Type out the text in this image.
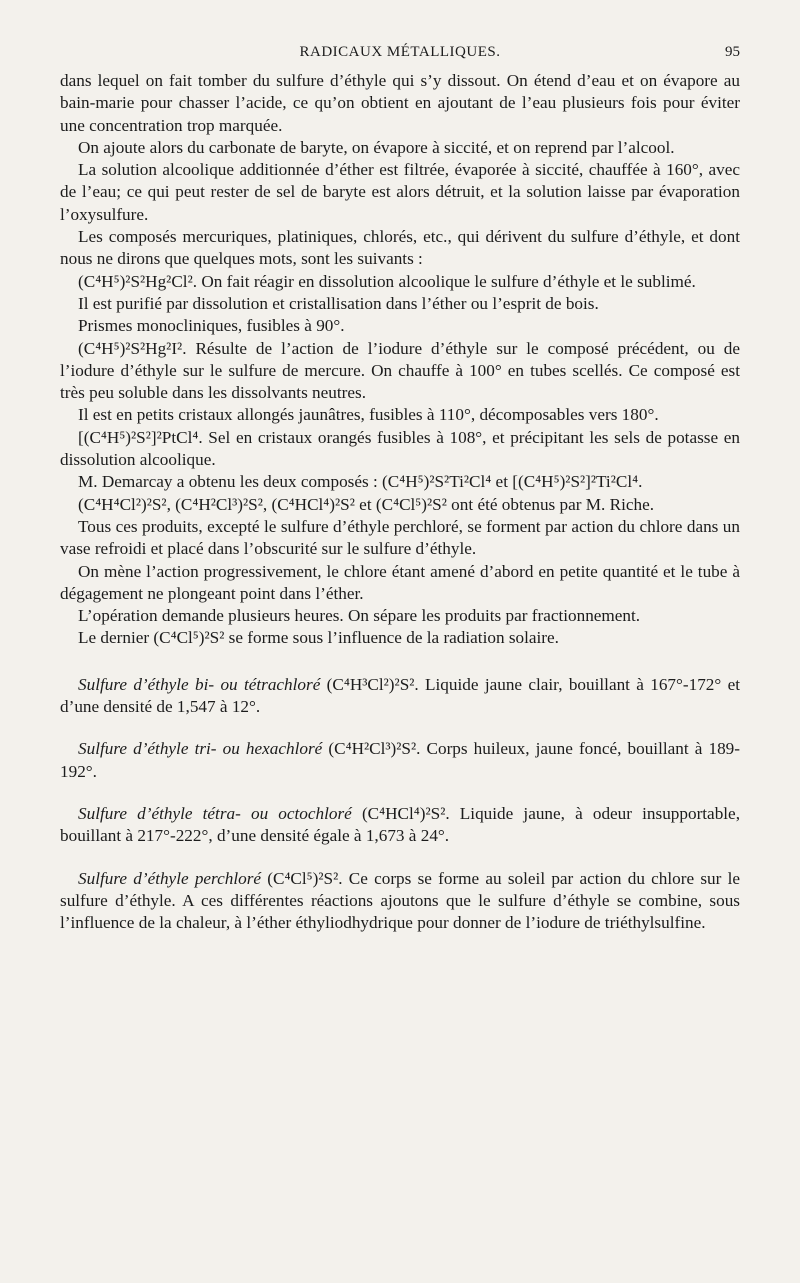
RADICAUX MÉTALLIQUES.	95

dans lequel on fait tomber du sulfure d’éthyle qui s’y dissout. On étend d’eau et on évapore au bain-marie pour chasser l’acide, ce qu’on obtient en ajoutant de l’eau plusieurs fois pour éviter une concentration trop marquée.

On ajoute alors du carbonate de baryte, on évapore à siccité, et on reprend par l’alcool.

La solution alcoolique additionnée d’éther est filtrée, évaporée à siccité, chauffée à 160°, avec de l’eau; ce qui peut rester de sel de baryte est alors détruit, et la solution laisse par évaporation l’oxysulfure.

Les composés mercuriques, platiniques, chlorés, etc., qui dérivent du sulfure d’éthyle, et dont nous ne dirons que quelques mots, sont les suivants :

(C⁴H⁵)²S²Hg²Cl². On fait réagir en dissolution alcoolique le sulfure d’éthyle et le sublimé.

Il est purifié par dissolution et cristallisation dans l’éther ou l’esprit de bois.

Prismes monocliniques, fusibles à 90°.

(C⁴H⁵)²S²Hg²I². Résulte de l’action de l’iodure d’éthyle sur le composé précédent, ou de l’iodure d’éthyle sur le sulfure de mercure. On chauffe à 100° en tubes scellés. Ce composé est très peu soluble dans les dissolvants neutres.

Il est en petits cristaux allongés jaunâtres, fusibles à 110°, décomposables vers 180°.

[(C⁴H⁵)²S²]²PtCl⁴. Sel en cristaux orangés fusibles à 108°, et précipitant les sels de potasse en dissolution alcoolique.

M. Demarcay a obtenu les deux composés : (C⁴H⁵)²S²Ti²Cl⁴ et [(C⁴H⁵)²S²]²Ti²Cl⁴.

(C⁴H⁴Cl²)²S², (C⁴H²Cl³)²S², (C⁴HCl⁴)²S² et (C⁴Cl⁵)²S² ont été obtenus par M. Riche.

Tous ces produits, excepté le sulfure d’éthyle perchloré, se forment par action du chlore dans un vase refroidi et placé dans l’obscurité sur le sulfure d’éthyle.

On mène l’action progressivement, le chlore étant amené d’abord en petite quantité et le tube à dégagement ne plongeant point dans l’éther.

L’opération demande plusieurs heures. On sépare les produits par fractionnement.

Le dernier (C⁴Cl⁵)²S² se forme sous l’influence de la radiation solaire.

Sulfure d’éthyle bi- ou tétrachloré (C⁴H³Cl²)²S². Liquide jaune clair, bouillant à 167°-172° et d’une densité de 1,547 à 12°.

Sulfure d’éthyle tri- ou hexachloré (C⁴H²Cl³)²S². Corps huileux, jaune foncé, bouillant à 189-192°.

Sulfure d’éthyle tétra- ou octochloré (C⁴HCl⁴)²S². Liquide jaune, à odeur insupportable, bouillant à 217°-222°, d’une densité égale à 1,673 à 24°.

Sulfure d’éthyle perchloré (C⁴Cl⁵)²S². Ce corps se forme au soleil par action du chlore sur le sulfure d’éthyle. A ces différentes réactions ajoutons que le sulfure d’éthyle se combine, sous l’influence de la chaleur, à l’éther éthyliodhydrique pour donner de l’iodure de triéthylsulfine.
